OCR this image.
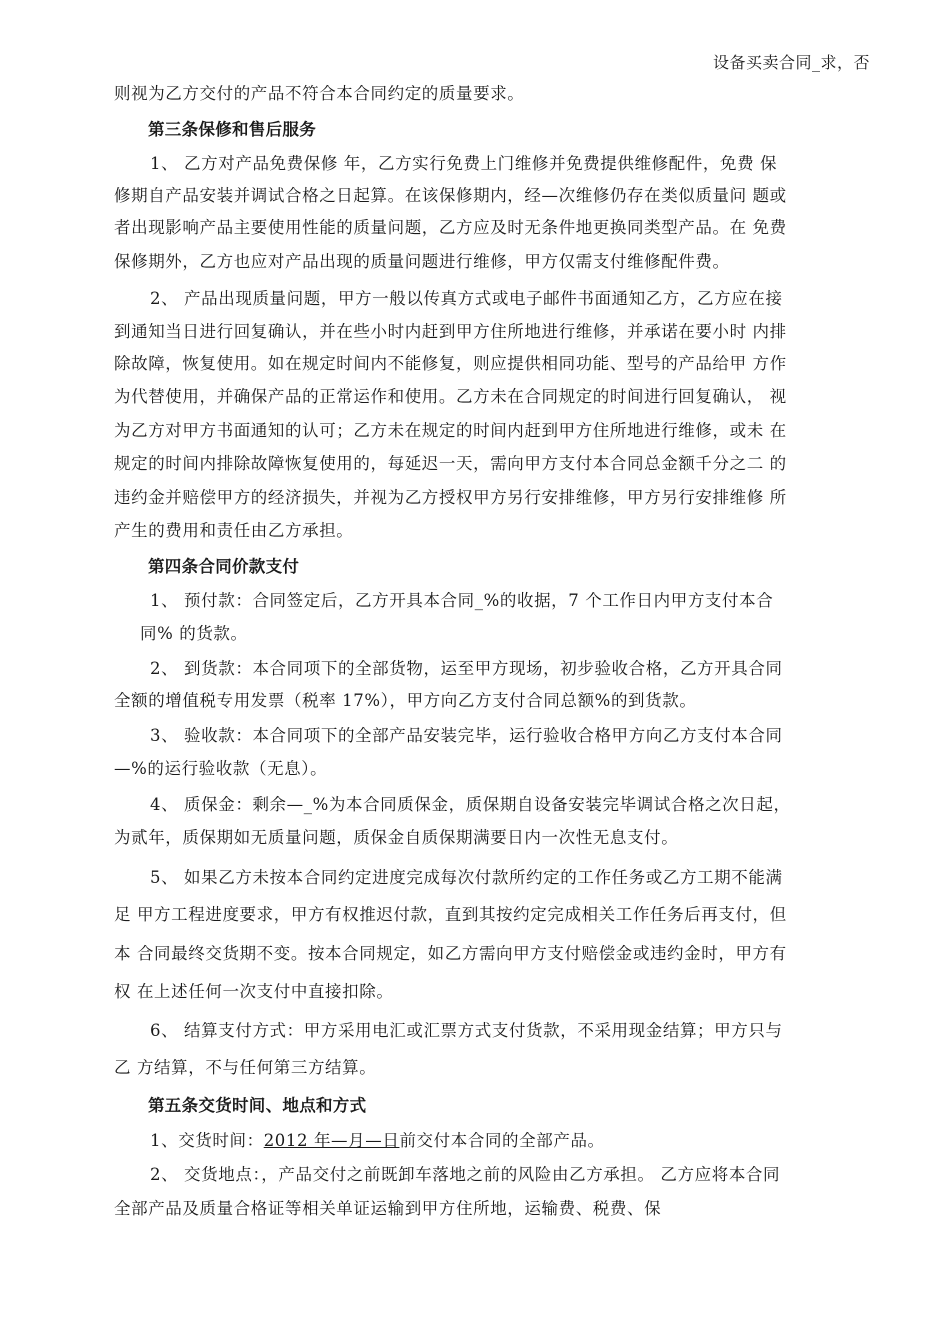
设备买卖合同_求，否
则视为乙方交付的产品不符合本合同约定的质量要求。
第三条保修和售后服务
1、 乙方对产品免费保修 年，乙方实行免费上门维修并免费提供维修配件，免费 保
修期自产品安装并调试合格之日起算。在该保修期内，经—次维修仍存在类似质量问 题或
者出现影响产品主要使用性能的质量问题，乙方应及时无条件地更换同类型产品。在 免费
保修期外，乙方也应对产品出现的质量问题进行维修，甲方仅需支付维修配件费。
2、 产品出现质量问题，甲方一般以传真方式或电子邮件书面通知乙方，乙方应在接
到通知当日进行回复确认，并在些小时内赶到甲方住所地进行维修，并承诺在要小时 内排
除故障，恢复使用。如在规定时间内不能修复，则应提供相同功能、型号的产品给甲 方作
为代替使用，并确保产品的正常运作和使用。乙方未在合同规定的时间进行回复确认， 视
为乙方对甲方书面通知的认可；乙方未在规定的时间内赶到甲方住所地进行维修，或未 在
规定的时间内排除故障恢复使用的，每延迟一天，需向甲方支付本合同总金额千分之二 的
违约金并赔偿甲方的经济损失，并视为乙方授权甲方另行安排维修，甲方另行安排维修 所
产生的费用和责任由乙方承担。
第四条合同价款支付
1、 预付款：合同签定后，乙方开具本合同_%的收据，7 个工作日内甲方支付本合
同% 的货款。
2、 到货款：本合同项下的全部货物，运至甲方现场，初步验收合格，乙方开具合同
全额的增值税专用发票（税率 17%），甲方向乙方支付合同总额%的到货款。
3、 验收款：本合同项下的全部产品安装完毕，运行验收合格甲方向乙方支付本合同
—%的运行验收款（无息）。
4、 质保金：剩余—_%为本合同质保金，质保期自设备安装完毕调试合格之次日起，
为贰年，质保期如无质量问题，质保金自质保期满要日内一次性无息支付。
5、 如果乙方未按本合同约定进度完成每次付款所约定的工作任务或乙方工期不能满
足 甲方工程进度要求，甲方有权推迟付款，直到其按约定完成相关工作任务后再支付，但
本 合同最终交货期不变。按本合同规定，如乙方需向甲方支付赔偿金或违约金时，甲方有
权 在上述任何一次支付中直接扣除。
6、 结算支付方式：甲方采用电汇或汇票方式支付货款，不采用现金结算；甲方只与
乙 方结算，不与任何第三方结算。
第五条交货时间、地点和方式
1、交货时间：2012 年—月—日前交付本合同的全部产品。
2、 交货地点：，产品交付之前既卸车落地之前的风险由乙方承担。 乙方应将本合同
全部产品及质量合格证等相关单证运输到甲方住所地，运输费、税费、保
